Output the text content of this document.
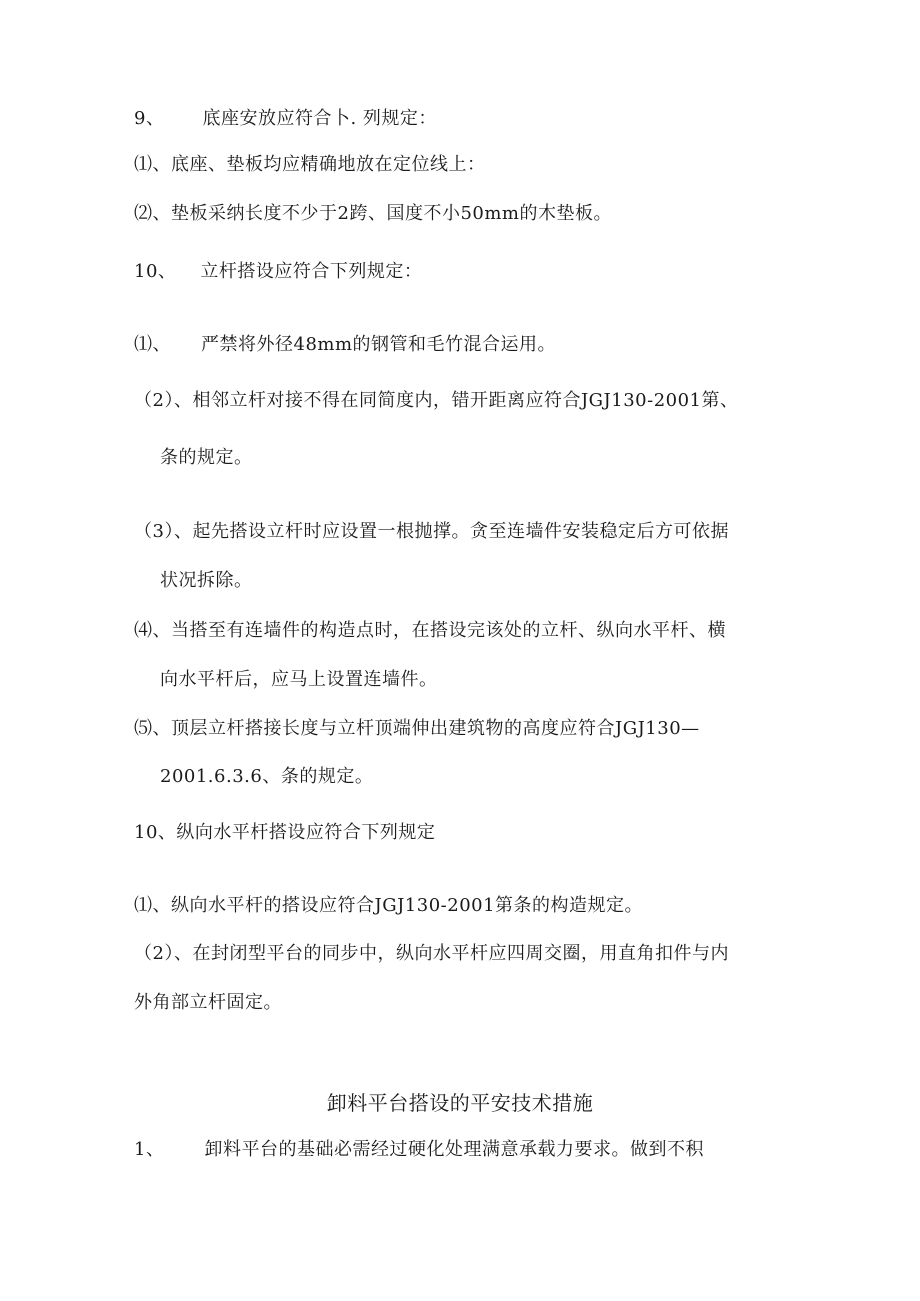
9、 底座安放应符合卜. 列规定：
⑴、底座、垫板均应精确地放在定位线上：
⑵、垫板采纳长度不少于2跨、国度不小50mm的木垫板。
10、 立杆搭设应符合下列规定：
⑴、 严禁将外径48mm的钢管和毛竹混合运用。
（2）、相邻立杆对接不得在同简度内，错开距离应符合JGJ130-2001第、
条的规定。
（3）、起先搭设立杆时应设置一根抛撑。贪至连墙件安装稳定后方可依据
状况拆除。
⑷、当搭至有连墙件的构造点时，在搭设完该处的立杆、纵向水平杆、横
向水平杆后，应马上设置连墙件。
⑸、顶层立杆搭接长度与立杆顶端伸出建筑物的高度应符合JGJ130—
2001.6.3.6、条的规定。
10、纵向水平杆搭设应符合下列规定
⑴、纵向水平杆的搭设应符合JGJ130-2001第条的构造规定。
（2）、在封闭型平台的同步中，纵向水平杆应四周交圈，用直角扣件与内
外角部立杆固定。
卸料平台搭设的平安技术措施
1、 卸料平台的基础必需经过硬化处理满意承载力要求。做到不积
